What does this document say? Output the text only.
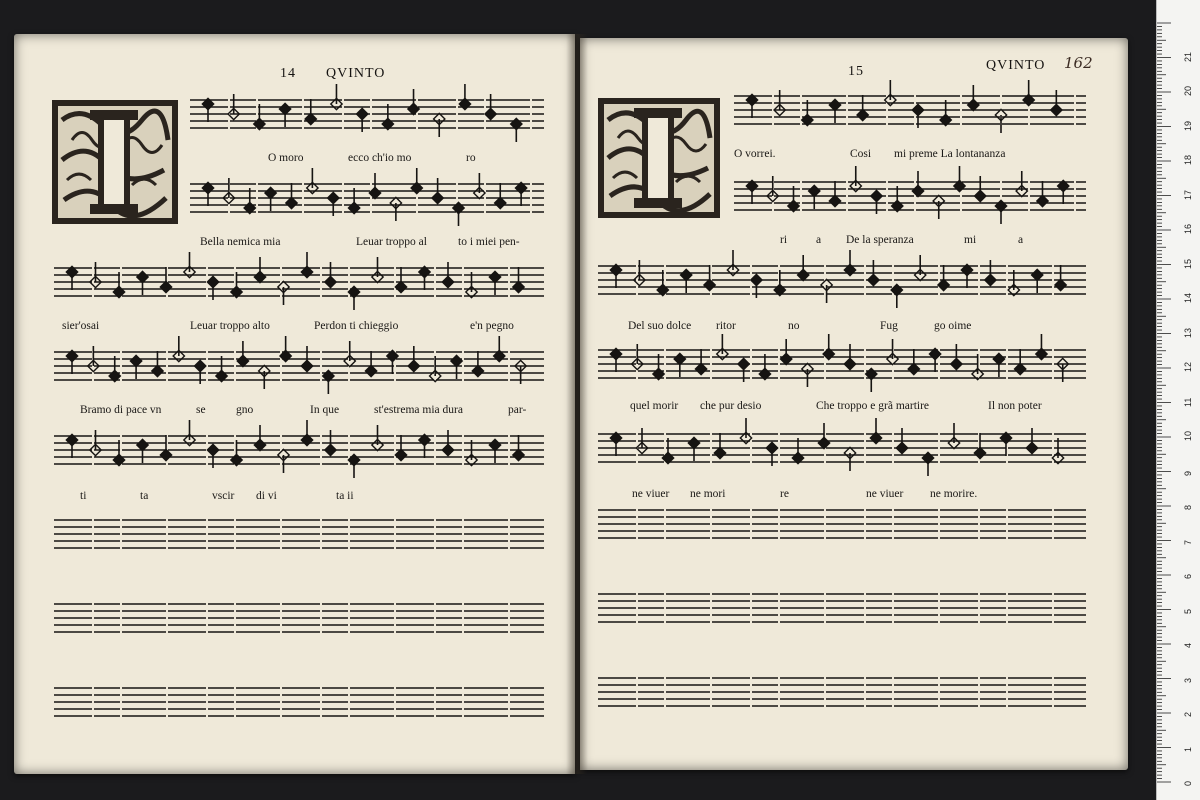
14 QVINTO	15	QVINTO 162
O moro	ecco ch'io mo	ro
Bella nemica mia	Leuar troppo al	to i miei pen-
sier'osai	Leuar troppo alto	Perdon ti chieggio	e'n pegno
Bramo di pace vn	se	gno	In que	st'estrema mia dura	par-
ti	ta	vscir di vi	ta ii
O vorrei.	Cosi mi preme La lontananza
ri	a De la speranza	mi	a
Del suo dolce ritor	no	Fug	go oime
quel morir che pur desio	Che troppo e grã martire	Il non poter
ne viuer ne mori	re	ne viuer ne morire.
0
1
2
3
4
5
6
7
8
9
10
11
12
13
14
15
16
17
18
19
20
21
